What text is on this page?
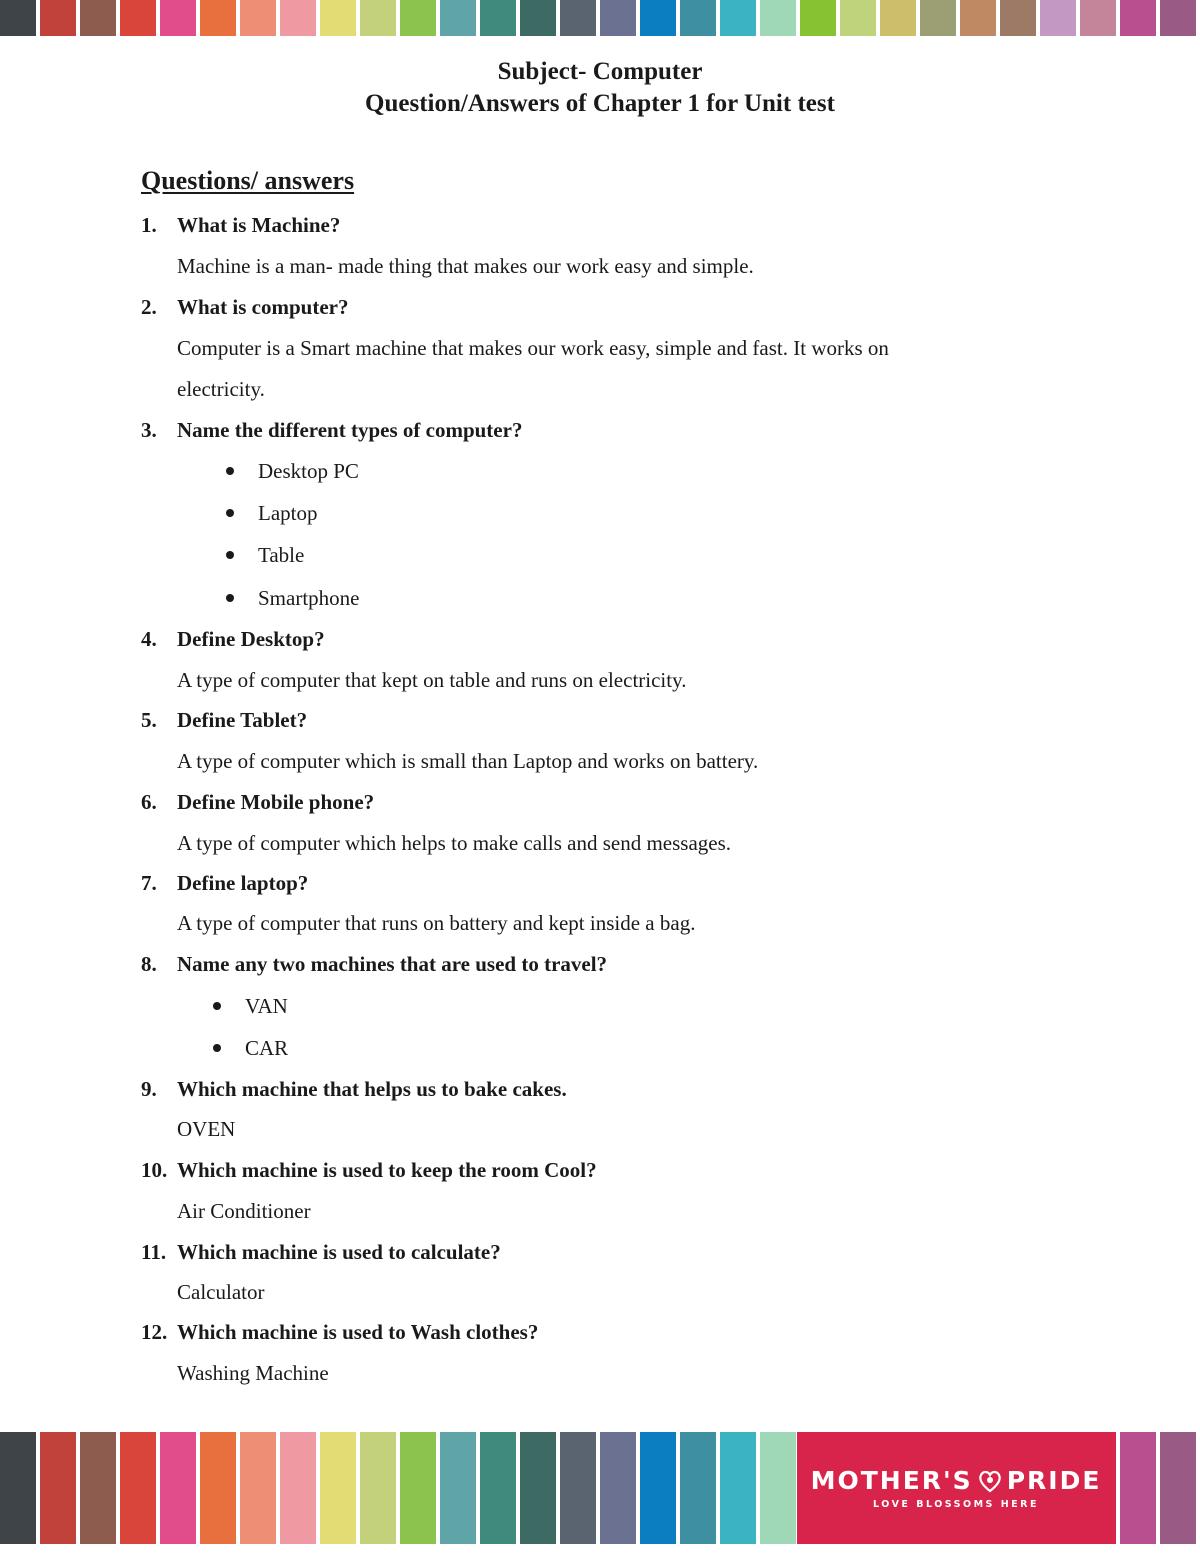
Subject- Computer
Question/Answers of Chapter 1 for Unit test
Questions/ answers
1. What is Machine?
Machine is a man- made thing that makes our work easy and simple.
2. What is computer?
Computer is a Smart machine that makes our work easy, simple and fast. It works on
electricity.
3. Name the different types of computer?
Desktop PC
Laptop
Table
Smartphone
4. Define Desktop?
A type of computer that kept on table and runs on electricity.
5. Define Tablet?
A type of computer which is small than Laptop and works on battery.
6. Define Mobile phone?
A type of computer which helps to make calls and send messages.
7. Define laptop?
A type of computer that runs on battery and kept inside a bag.
8. Name any two machines that are used to travel?
VAN
CAR
9. Which machine that helps us to bake cakes.
OVEN
10. Which machine is used to keep the room Cool?
Air Conditioner
11. Which machine is used to calculate?
Calculator
12. Which machine is used to Wash clothes?
Washing Machine
MOTHER'S PRIDE
LOVE BLOSSOMS HERE
